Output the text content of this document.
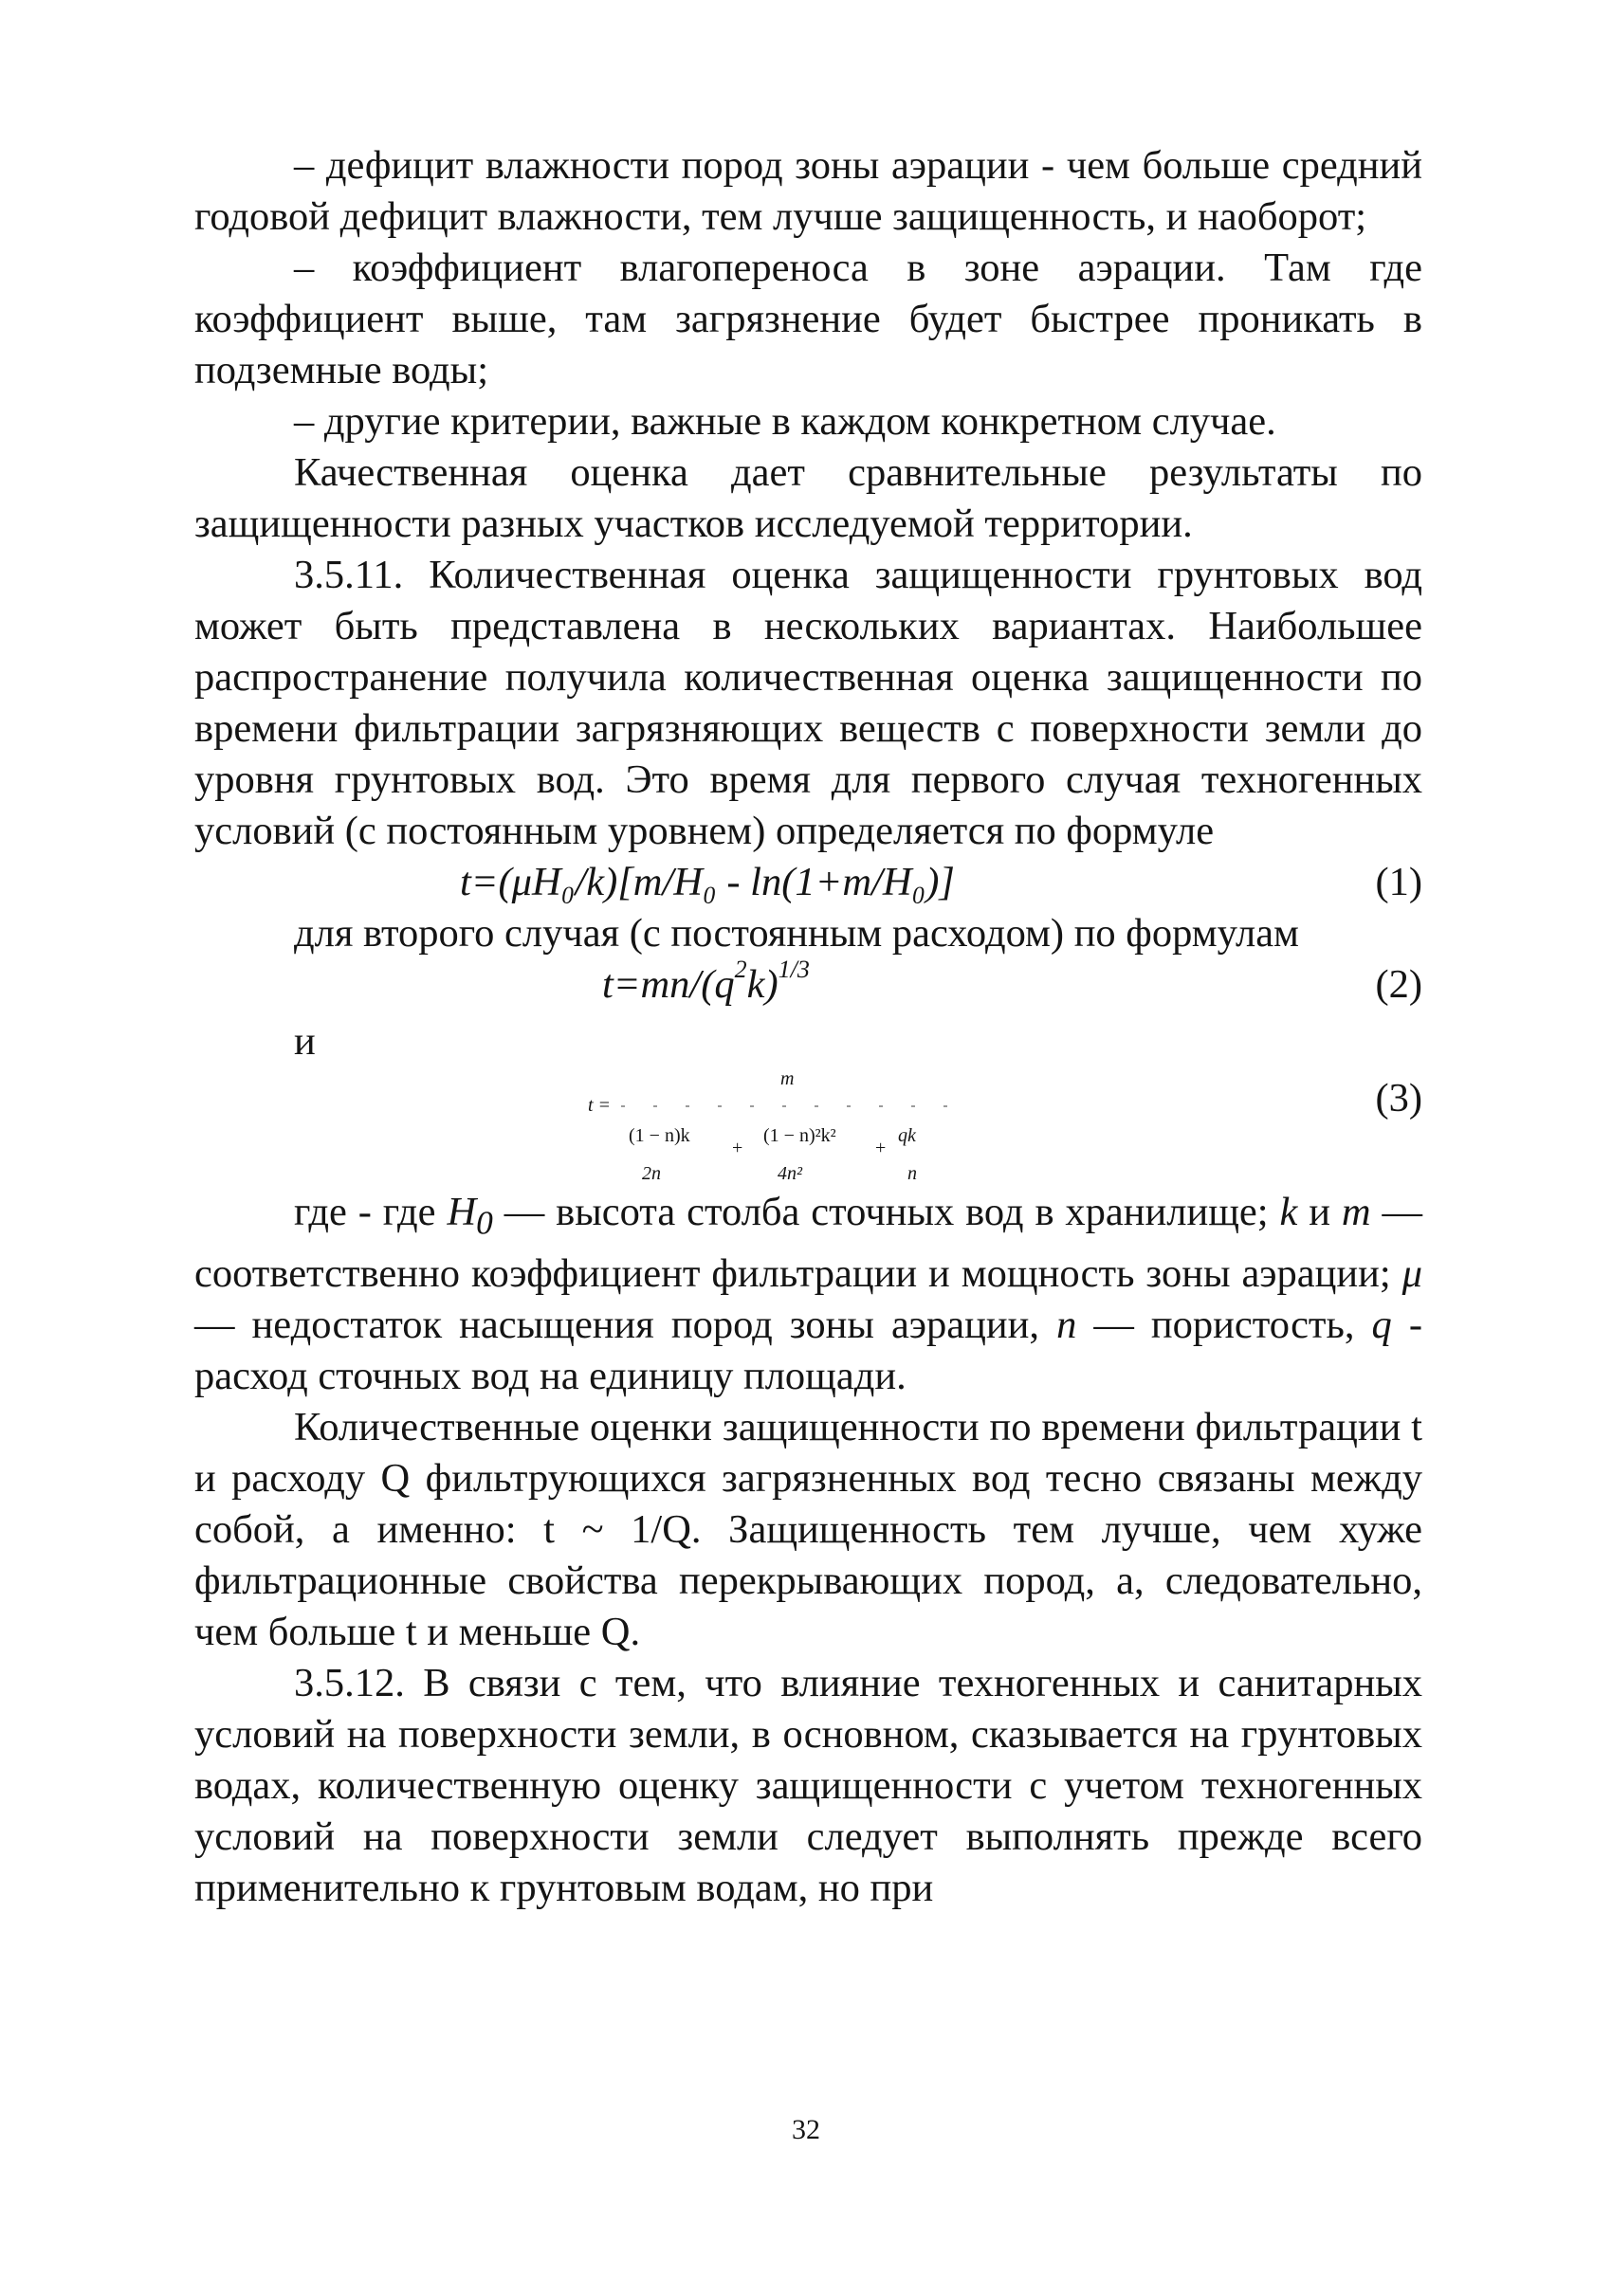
– дефицит влажности пород зоны аэрации - чем больше средний годовой дефицит влажности, тем лучше защищенность, и наоборот;

– коэффициент влагопереноса в зоне аэрации. Там где коэффициент выше, там загрязнение будет быстрее проникать в подземные воды;

– другие критерии, важные в каждом конкретном случае.

Качественная оценка дает сравнительные результаты по защищенности разных участков исследуемой территории.

3.5.11. Количественная оценка защищенности грунтовых вод может быть представлена в нескольких вариантах. Наибольшее распространение получила количественная оценка защищенности по времени фильтрации загрязняющих веществ с поверхности земли до уровня грунтовых вод. Это время для первого случая техногенных условий (с постоянным уровнем) определяется по формуле

t=(μH₀/k)[m/H₀ - ln(1+m/H₀)]	(1)

для второго случая (с постоянным расходом) по формулам

$t=mn/(q^2k)^{1/3}$	(2)
и
t =
m
(1 − n)k
2n
+
(1 − n)²k²
4n²
+
qk
n
(3)

где - где $H_0$ — высота столба сточных вод в хранилище; k и m — соответственно коэффициент фильтрации и мощность зоны аэрации; μ — недостаток насыщения пород зоны аэрации, n — пористость, q - расход сточных вод на единицу площади.

Количественные оценки защищенности по времени фильтрации t и расходу Q фильтрующихся загрязненных вод тесно связаны между собой, а именно: t ~ 1/Q. Защищенность тем лучше, чем хуже фильтрационные свойства перекрывающих пород, а, следовательно, чем больше t и меньше Q.

3.5.12. В связи с тем, что влияние техногенных и санитарных условий на поверхности земли, в основном, сказывается на грунтовых водах, количественную оценку защищенности с учетом техногенных условий на поверхности земли следует выполнять прежде всего применительно к грунтовым водам, но при

32
